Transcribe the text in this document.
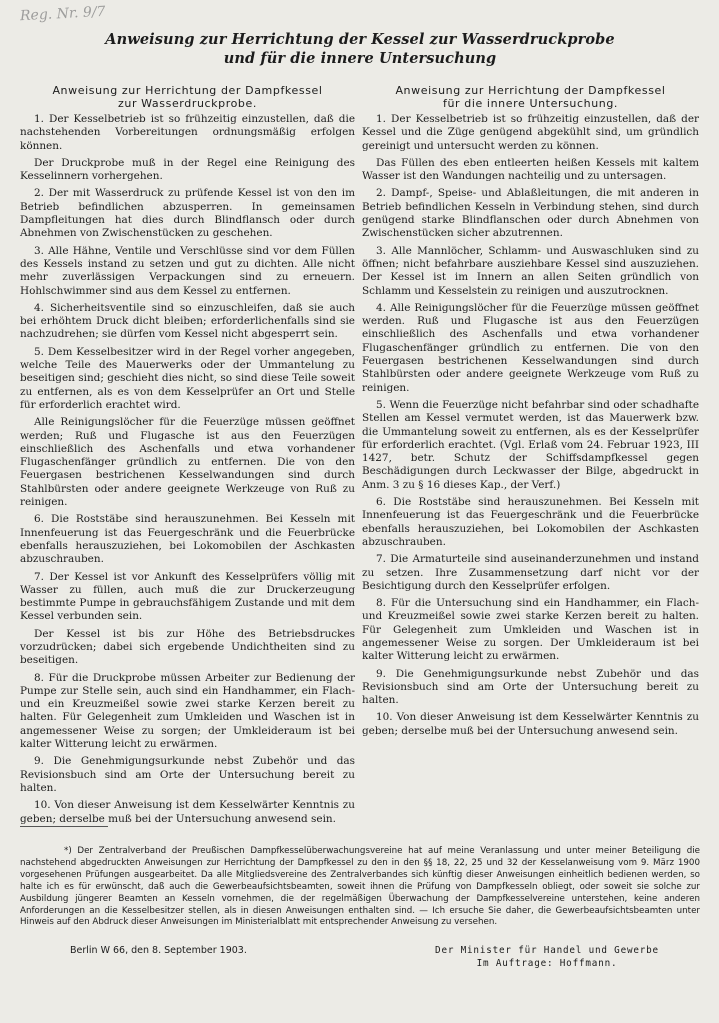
Reg. Nr. 9/7
Anweisung zur Herrichtung der Kessel zur Wasserdruckprobe
und für die innere Untersuchung
Anweisung zur Herrichtung der Dampfkessel
zur Wasserdruckprobe.

1. Der Kesselbetrieb ist so frühzeitig einzustellen, daß die nachstehenden Vorbereitungen ordnungsmäßig erfolgen können.

Der Druckprobe muß in der Regel eine Reinigung des Kesselinnern vorhergehen.

2. Der mit Wasserdruck zu prüfende Kessel ist von den im Betrieb befindlichen abzusperren. In gemeinsamen Dampfleitungen hat dies durch Blindflansch oder durch Abnehmen von Zwischenstücken zu geschehen.

3. Alle Hähne, Ventile und Verschlüsse sind vor dem Füllen des Kessels instand zu setzen und gut zu dichten. Alle nicht mehr zuverlässigen Verpackungen sind zu erneuern. Hohlschwimmer sind aus dem Kessel zu entfernen.

4. Sicherheitsventile sind so einzuschleifen, daß sie auch bei erhöhtem Druck dicht bleiben; erforderlichenfalls sind sie nachzudrehen; sie dürfen vom Kessel nicht abgesperrt sein.

5. Dem Kesselbesitzer wird in der Regel vorher angegeben, welche Teile des Mauerwerks oder der Ummantelung zu beseitigen sind; geschieht dies nicht, so sind diese Teile soweit zu entfernen, als es von dem Kesselprüfer an Ort und Stelle für erforderlich erachtet wird.

Alle Reinigungslöcher für die Feuerzüge müssen geöffnet werden; Ruß und Flugasche ist aus den Feuerzügen einschließlich des Aschenfalls und etwa vorhandener Flugaschenfänger gründlich zu entfernen. Die von den Feuergasen bestrichenen Kesselwandungen sind durch Stahlbürsten oder andere geeignete Werkzeuge von Ruß zu reinigen.

6. Die Roststäbe sind herauszunehmen. Bei Kesseln mit Innenfeuerung ist das Feuergeschränk und die Feuerbrücke ebenfalls herauszuziehen, bei Lokomobilen der Aschkasten abzuschrauben.

7. Der Kessel ist vor Ankunft des Kesselprüfers völlig mit Wasser zu füllen, auch muß die zur Druckerzeugung bestimmte Pumpe in gebrauchsfähigem Zustande und mit dem Kessel verbunden sein.

Der Kessel ist bis zur Höhe des Betriebsdruckes vorzudrücken; dabei sich ergebende Undichtheiten sind zu beseitigen.

8. Für die Druckprobe müssen Arbeiter zur Bedienung der Pumpe zur Stelle sein, auch sind ein Handhammer, ein Flach- und ein Kreuzmeißel sowie zwei starke Kerzen bereit zu halten. Für Gelegenheit zum Umkleiden und Waschen ist in angemessener Weise zu sorgen; der Umkleideraum ist bei kalter Witterung leicht zu erwärmen.

9. Die Genehmigungsurkunde nebst Zubehör und das Revisionsbuch sind am Orte der Untersuchung bereit zu halten.

10. Von dieser Anweisung ist dem Kesselwärter Kenntnis zu geben; derselbe muß bei der Untersuchung anwesend sein.

Anweisung zur Herrichtung der Dampfkessel
für die innere Untersuchung.

1. Der Kesselbetrieb ist so frühzeitig einzustellen, daß der Kessel und die Züge genügend abgekühlt sind, um gründlich gereinigt und untersucht werden zu können.

Das Füllen des eben entleerten heißen Kessels mit kaltem Wasser ist den Wandungen nachteilig und zu untersagen.

2. Dampf-, Speise- und Ablaßleitungen, die mit anderen in Betrieb befindlichen Kesseln in Verbindung stehen, sind durch genügend starke Blindflanschen oder durch Abnehmen von Zwischenstücken sicher abzutrennen.

3. Alle Mannlöcher, Schlamm- und Auswaschluken sind zu öffnen; nicht befahrbare ausziehbare Kessel sind auszuziehen. Der Kessel ist im Innern an allen Seiten gründlich von Schlamm und Kesselstein zu reinigen und auszutrocknen.

4. Alle Reinigungslöcher für die Feuerzüge müssen geöffnet werden. Ruß und Flugasche ist aus den Feuerzügen einschließlich des Aschenfalls und etwa vorhandener Flugaschenfänger gründlich zu entfernen. Die von den Feuergasen bestrichenen Kesselwandungen sind durch Stahlbürsten oder andere geeignete Werkzeuge vom Ruß zu reinigen.

5. Wenn die Feuerzüge nicht befahrbar sind oder schadhafte Stellen am Kessel vermutet werden, ist das Mauerwerk bzw. die Ummantelung soweit zu entfernen, als es der Kesselprüfer für erforderlich erachtet. (Vgl. Erlaß vom 24. Februar 1923, III 1427, betr. Schutz der Schiffsdampfkessel gegen Beschädigungen durch Leckwasser der Bilge, abgedruckt in Anm. 3 zu § 16 dieses Kap., der Verf.)

6. Die Roststäbe sind herauszunehmen. Bei Kesseln mit Innenfeuerung ist das Feuergeschränk und die Feuerbrücke ebenfalls herauszuziehen, bei Lokomobilen der Aschkasten abzuschrauben.

7. Die Armaturteile sind auseinanderzunehmen und instand zu setzen. Ihre Zusammensetzung darf nicht vor der Besichtigung durch den Kesselprüfer erfolgen.

8. Für die Untersuchung sind ein Handhammer, ein Flach- und Kreuzmeißel sowie zwei starke Kerzen bereit zu halten. Für Gelegenheit zum Umkleiden und Waschen ist in angemessener Weise zu sorgen. Der Umkleideraum ist bei kalter Witterung leicht zu erwärmen.

9. Die Genehmigungsurkunde nebst Zubehör und das Revisionsbuch sind am Orte der Untersuchung bereit zu halten.

10. Von dieser Anweisung ist dem Kesselwärter Kenntnis zu geben; derselbe muß bei der Untersuchung anwesend sein.

*) Der Zentralverband der Preußischen Dampfkesselüberwachungsvereine hat auf meine Veranlassung und unter meiner Beteiligung die nachstehend abgedruckten Anweisungen zur Herrichtung der Dampfkessel zu den in den §§ 18, 22, 25 und 32 der Kesselanweisung vom 9. März 1900 vorgesehenen Prüfungen ausgearbeitet. Da alle Mitgliedsvereine des Zentralverbandes sich künftig dieser Anweisungen einheitlich bedienen werden, so halte ich es für erwünscht, daß auch die Gewerbeaufsichtsbeamten, soweit ihnen die Prüfung von Dampfkesseln obliegt, oder soweit sie solche zur Ausbildung jüngerer Beamten an Kesseln vornehmen, die der regelmäßigen Überwachung der Dampfkesselvereine unterstehen, keine anderen Anforderungen an die Kesselbesitzer stellen, als in diesen Anweisungen enthalten sind. — Ich ersuche Sie daher, die Gewerbeaufsichtsbeamten unter Hinweis auf den Abdruck dieser Anweisungen im Ministerialblatt mit entsprechender Anweisung zu versehen.

Berlin W 66, den 8. September 1903.	Der Minister für Handel und Gewerbe
Im Auftrage: Hoffmann.
